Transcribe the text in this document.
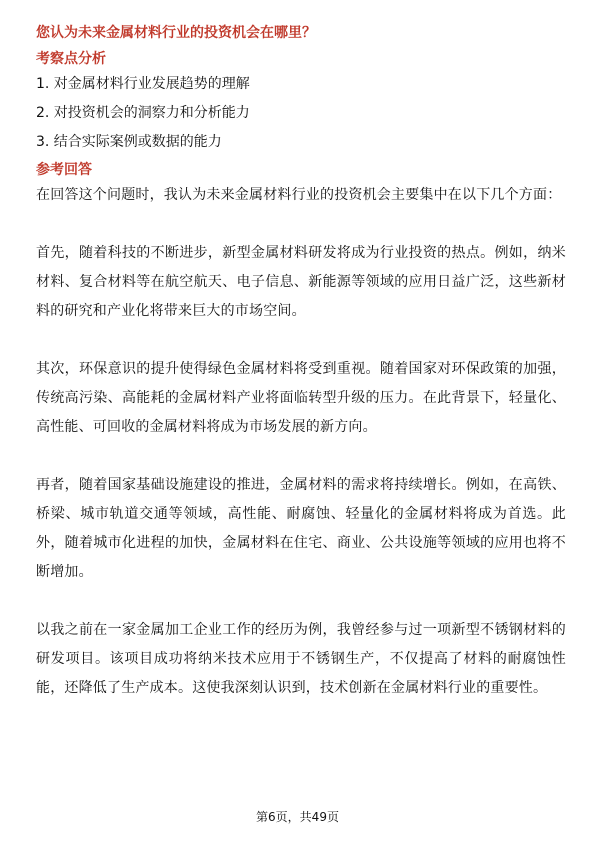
您认为未来金属材料行业的投资机会在哪里？

考察点分析

1. 对金属材料行业发展趋势的理解
2. 对投资机会的洞察力和分析能力
3. 结合实际案例或数据的能力

参考回答

在回答这个问题时，我认为未来金属材料行业的投资机会主要集中在以下几个方面：

首先，随着科技的不断进步，新型金属材料研发将成为行业投资的热点。例如，纳米材料、复合材料等在航空航天、电子信息、新能源等领域的应用日益广泛，这些新材料的研究和产业化将带来巨大的市场空间。

其次，环保意识的提升使得绿色金属材料将受到重视。随着国家对环保政策的加强，传统高污染、高能耗的金属材料产业将面临转型升级的压力。在此背景下，轻量化、高性能、可回收的金属材料将成为市场发展的新方向。

再者，随着国家基础设施建设的推进，金属材料的需求将持续增长。例如，在高铁、桥梁、城市轨道交通等领域，高性能、耐腐蚀、轻量化的金属材料将成为首选。此外，随着城市化进程的加快，金属材料在住宅、商业、公共设施等领域的应用也将不断增加。

以我之前在一家金属加工企业工作的经历为例，我曾经参与过一项新型不锈钢材料的研发项目。该项目成功将纳米技术应用于不锈钢生产，不仅提高了材料的耐腐蚀性能，还降低了生产成本。这使我深刻认识到，技术创新在金属材料行业的重要性。

第6页，共49页
